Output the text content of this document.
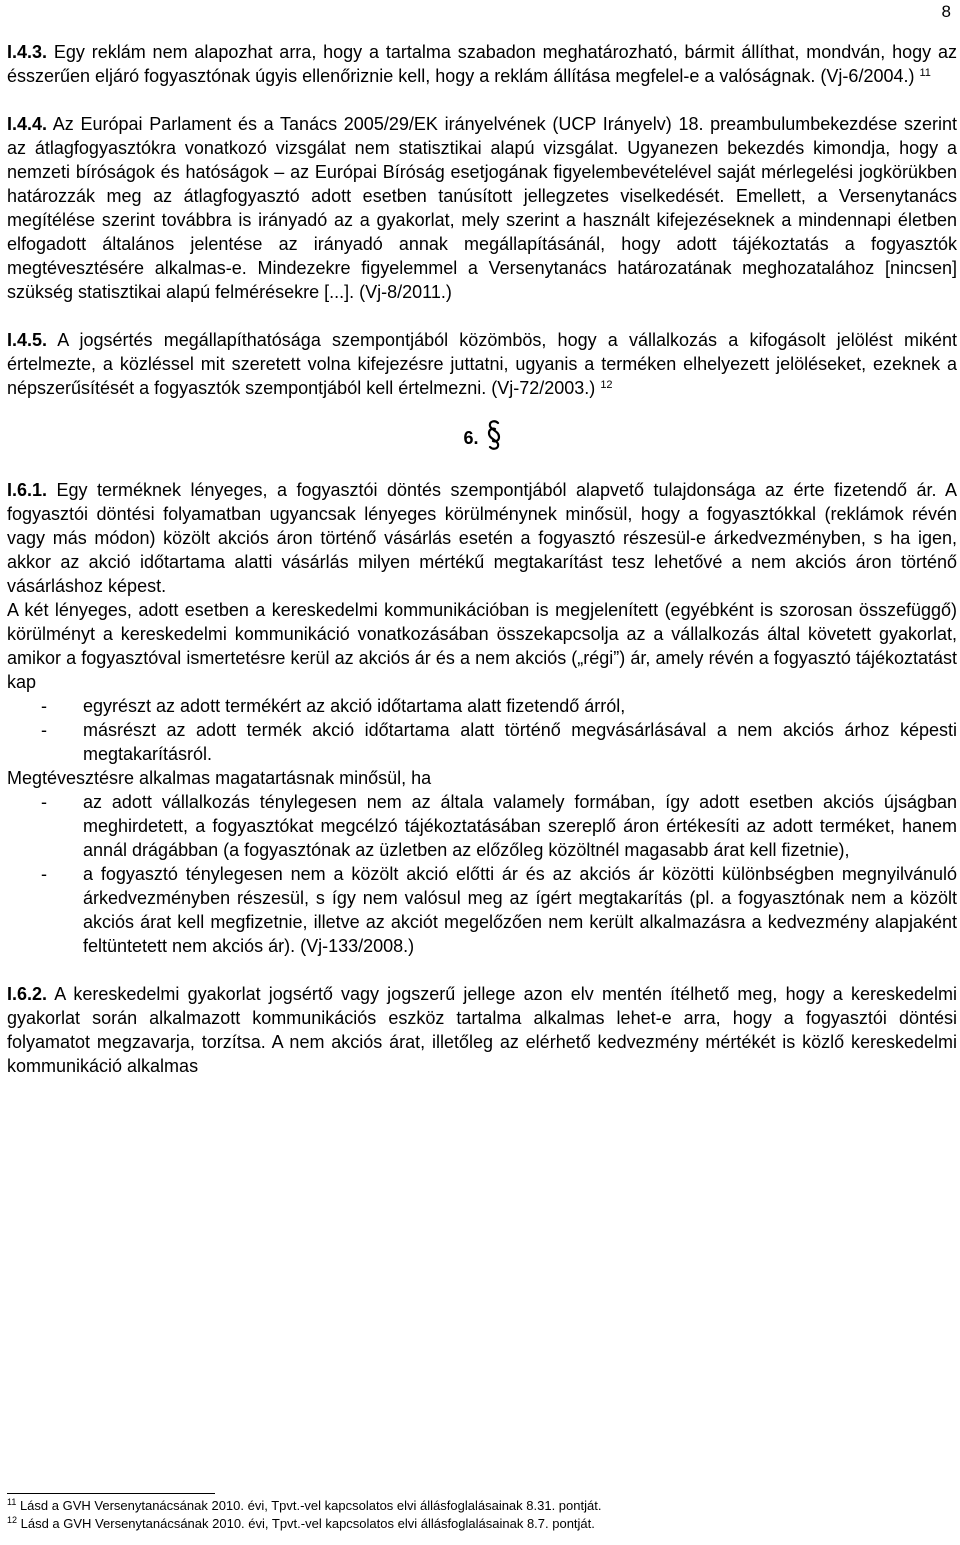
8

I.4.3. Egy reklám nem alapozhat arra, hogy a tartalma szabadon meghatározható, bármit állíthat, mondván, hogy az ésszerűen eljáró fogyasztónak úgyis ellenőriznie kell, hogy a reklám állítása megfelel-e a valóságnak. (Vj-6/2004.) $^{11}$

I.4.4. Az Európai Parlament és a Tanács 2005/29/EK irányelvének (UCP Irányelv) 18. preambulumbekezdése szerint az átlagfogyasztókra vonatkozó vizsgálat nem statisztikai alapú vizsgálat. Ugyanezen bekezdés kimondja, hogy a nemzeti bíróságok és hatóságok – az Európai Bíróság esetjogának figyelembevételével saját mérlegelési jogkörükben határozzák meg az átlagfogyasztó adott esetben tanúsított jellegzetes viselkedését. Emellett, a Versenytanács megítélése szerint továbbra is irányadó az a gyakorlat, mely szerint a használt kifejezéseknek a mindennapi életben elfogadott általános jelentése az irányadó annak megállapításánál, hogy adott tájékoztatás a fogyasztók megtévesztésére alkalmas-e. Mindezekre figyelemmel a Versenytanács határozatának meghozatalához [nincsen] szükség statisztikai alapú felmérésekre [...]. (Vj-8/2011.)

I.4.5. A jogsértés megállapíthatósága szempontjából közömbös, hogy a vállalkozás a kifogásolt jelölést miként értelmezte, a közléssel mit szeretett volna kifejezésre juttatni, ugyanis a terméken elhelyezett jelöléseket, ezeknek a népszerűsítését a fogyasztók szempontjából kell értelmezni. (Vj-72/2003.) $^{12}$

6.

I.6.1. Egy terméknek lényeges, a fogyasztói döntés szempontjából alapvető tulajdonsága az érte fizetendő ár. A fogyasztói döntési folyamatban ugyancsak lényeges körülménynek minősül, hogy a fogyasztókkal (reklámok révén vagy más módon) közölt akciós áron történő vásárlás esetén a fogyasztó részesül-e árkedvezményben, s ha igen, akkor az akció időtartama alatti vásárlás milyen mértékű megtakarítást tesz lehetővé a nem akciós áron történő vásárláshoz képest.

A két lényeges, adott esetben a kereskedelmi kommunikációban is megjelenített (egyébként is szorosan összefüggő) körülményt a kereskedelmi kommunikáció vonatkozásában összekapcsolja az a vállalkozás által követett gyakorlat, amikor a fogyasztóval ismertetésre kerül az akciós ár és a nem akciós („régi”) ár, amely révén a fogyasztó tájékoztatást kap

- egyrészt az adott termékért az akció időtartama alatt fizetendő árról,
- másrészt az adott termék akció időtartama alatt történő megvásárlásával a nem akciós árhoz képesti megtakarításról.

Megtévesztésre alkalmas magatartásnak minősül, ha

- az adott vállalkozás ténylegesen nem az általa valamely formában, így adott esetben akciós újságban meghirdetett, a fogyasztókat megcélzó tájékoztatásában szereplő áron értékesíti az adott terméket, hanem annál drágábban (a fogyasztónak az üzletben az előzőleg közöltnél magasabb árat kell fizetnie),
- a fogyasztó ténylegesen nem a közölt akció előtti ár és az akciós ár közötti különbségben megnyilvánuló árkedvezményben részesül, s így nem valósul meg az ígért megtakarítás (pl. a fogyasztónak nem a közölt akciós árat kell megfizetnie, illetve az akciót megelőzően nem került alkalmazásra a kedvezmény alapjaként feltüntetett nem akciós ár). (Vj-133/2008.)

I.6.2. A kereskedelmi gyakorlat jogsértő vagy jogszerű jellege azon elv mentén ítélhető meg, hogy a kereskedelmi gyakorlat során alkalmazott kommunikációs eszköz tartalma alkalmas lehet-e arra, hogy a fogyasztói döntési folyamatot megzavarja, torzítsa. A nem akciós árat, illetőleg az elérhető kedvezmény mértékét is közlő kereskedelmi kommunikáció alkalmas

$^{11}$ Lásd a GVH Versenytanácsának 2010. évi, Tpvt.-vel kapcsolatos elvi állásfoglalásainak 8.31. pontját.
$^{12}$ Lásd a GVH Versenytanácsának 2010. évi, Tpvt.-vel kapcsolatos elvi állásfoglalásainak 8.7. pontját.
